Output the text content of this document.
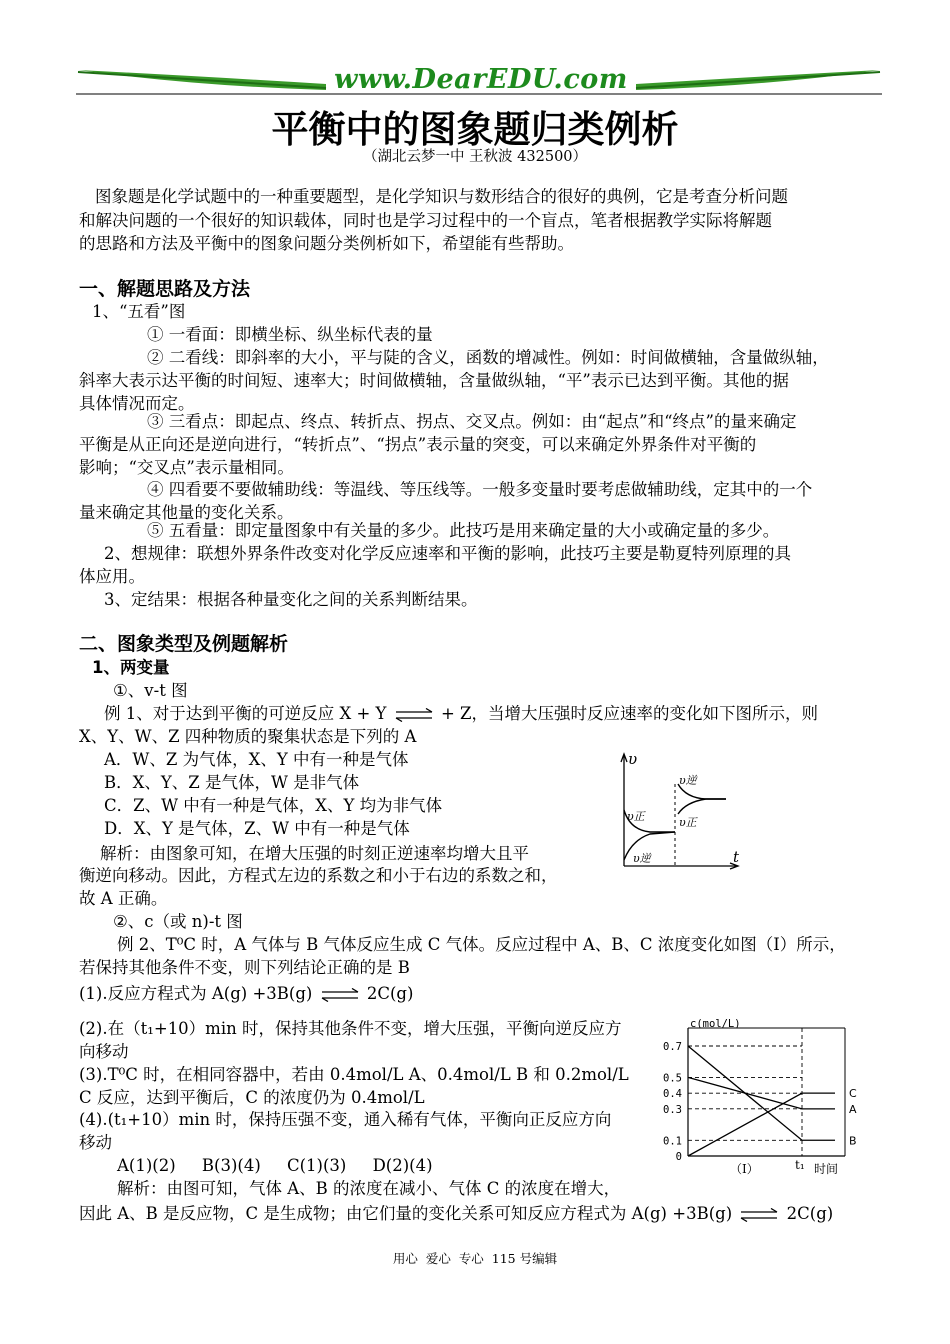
www.DearEDU.com
平衡中的图象题归类例析
（湖北云梦一中 王秋波 432500）
图象题是化学试题中的一种重要题型，是化学知识与数形结合的很好的典例，它是考查分析问题
和解决问题的一个很好的知识载体，同时也是学习过程中的一个盲点，笔者根据教学实际将解题
的思路和方法及平衡中的图象问题分类例析如下，希望能有些帮助。
一、解题思路及方法
1、“五看”图
① 一看面：即横坐标、纵坐标代表的量
② 二看线：即斜率的大小，平与陡的含义，函数的增减性。例如：时间做横轴，含量做纵轴，
斜率大表示达平衡的时间短、速率大；时间做横轴，含量做纵轴，“平”表示已达到平衡。其他的据
具体情况而定。
③ 三看点：即起点、终点、转折点、拐点、交叉点。例如：由“起点”和“终点”的量来确定
平衡是从正向还是逆向进行，“转折点”、“拐点”表示量的突变，可以来确定外界条件对平衡的
影响；“交叉点”表示量相同。
④ 四看要不要做辅助线：等温线、等压线等。一般多变量时要考虑做辅助线，定其中的一个
量来确定其他量的变化关系。
⑤ 五看量：即定量图象中有关量的多少。此技巧是用来确定量的大小或确定量的多少。
2、想规律：联想外界条件改变对化学反应速率和平衡的影响，此技巧主要是勒夏特列原理的具
体应用。
3、定结果：根据各种量变化之间的关系判断结果。
二、图象类型及例题解析
1、两变量
①、v-t 图
例 1、对于达到平衡的可逆反应 X + Y ⇌ + Z，当增大压强时反应速率的变化如下图所示，则
X、Y、W、Z 四种物质的聚集状态是下列的 A
A．W、Z 为气体，X、Y 中有一种是气体
B．X、Y、Z 是气体，W 是非气体
C．Z、W 中有一种是气体，X、Y 均为非气体
D．X、Y 是气体，Z、W 中有一种是气体
解析：由图象可知，在增大压强的时刻正逆速率均增大且平
衡逆向移动。因此，方程式左边的系数之和小于右边的系数之和，
故 A 正确。
υ
t
υ逆
υ正
υ正
υ逆
②、c（或 n)-t 图
例 2、T⁰C 时，A 气体与 B 气体反应生成 C 气体。反应过程中 A、B、C 浓度变化如图（Ⅰ）所示，
若保持其他条件不变，则下列结论正确的是 B
(1).反应方程式为 A(g) +3B(g) ⇌ 2C(g)
(2).在（t₁+10）min 时，保持其他条件不变，增大压强，平衡向逆反应方
向移动
(3).T⁰C 时，在相同容器中，若由 0.4mol/L A、0.4mol/L B 和 0.2mol/L
C 反应，达到平衡后，C 的浓度仍为 0.4mol/L
(4).(t₁+10）min 时，保持压强不变，通入稀有气体，平衡向正反应方向
移动
A(1)(2)     B(3)(4)     C(1)(3)     D(2)(4)
解析：由图可知，气体 A、B 的浓度在减小、气体 C 的浓度在增大，
因此 A、B 是反应物，C 是生成物；由它们量的变化关系可知反应方程式为 A(g) +3B(g) ⇌ 2C(g)
0.7
0.5
0.4
0.3
0.1
0
A
B
C
c(mol/L)
（Ⅰ）	t₁ 时间
用心  爱心  专心  115 号编辑
